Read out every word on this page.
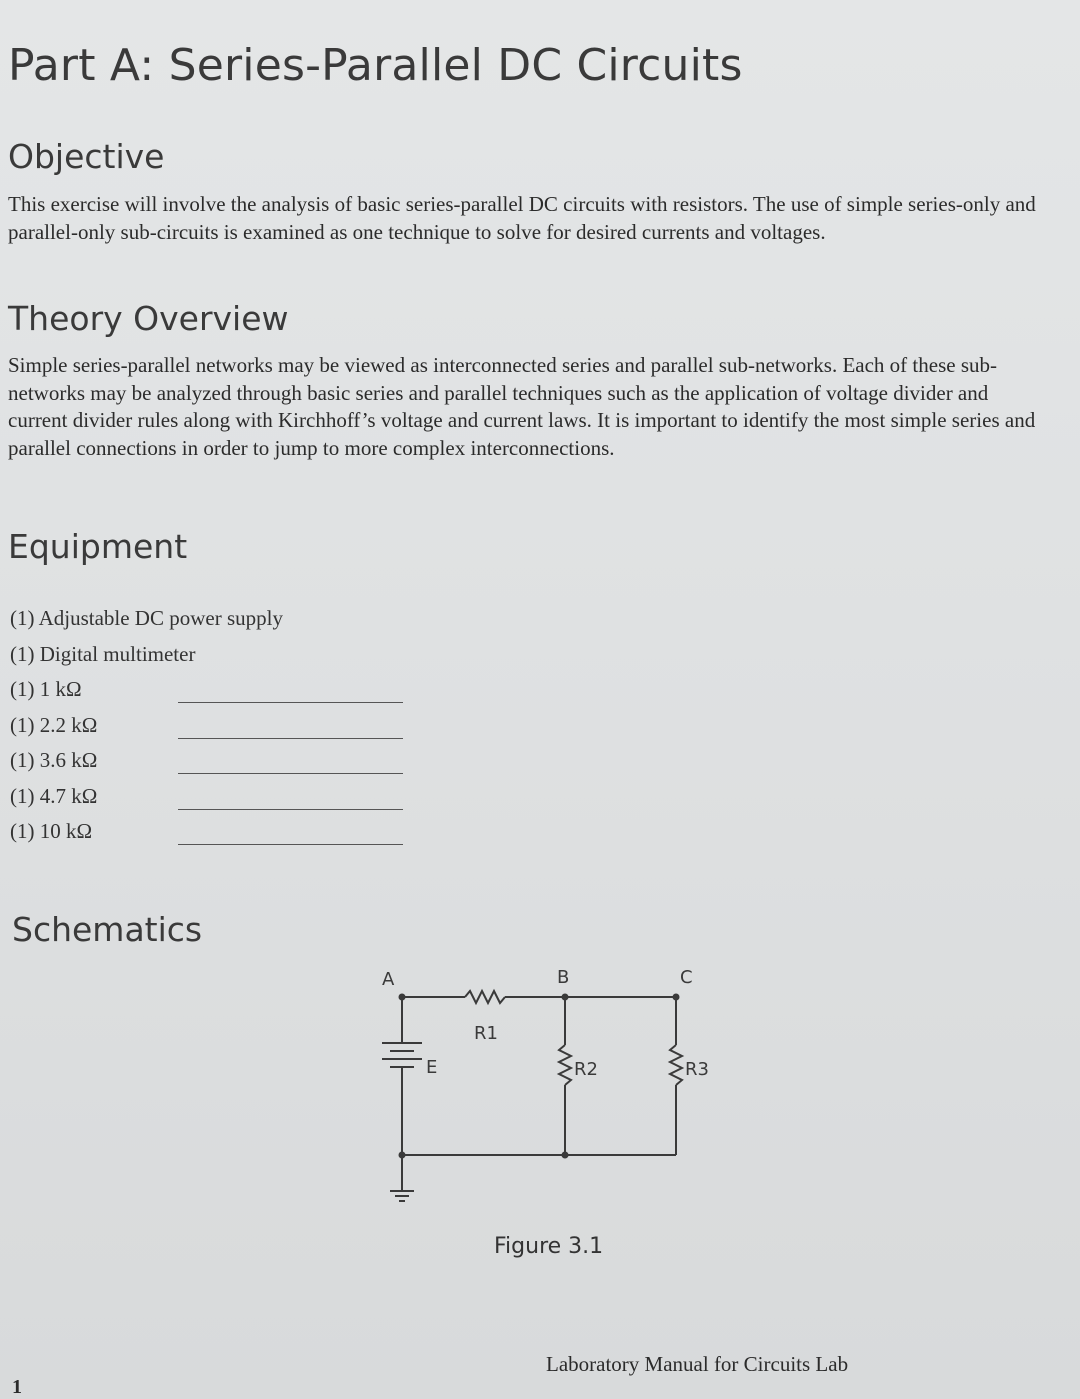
Part A: Series-Parallel DC Circuits
Objective

This exercise will involve the analysis of basic series-parallel DC circuits with resistors. The use of simple series-only and parallel-only sub-circuits is examined as one technique to solve for desired currents and voltages.

Theory Overview

Simple series-parallel networks may be viewed as interconnected series and parallel sub-networks. Each of these sub-networks may be analyzed through basic series and parallel techniques such as the application of voltage divider and current divider rules along with Kirchhoff’s voltage and current laws. It is important to identify the most simple series and parallel connections in order to jump to more complex interconnections.

Equipment
(1) Adjustable DC power supply
(1) Digital multimeter
(1) 1 kΩ
(1) 2.2 kΩ
(1) 3.6 kΩ
(1) 4.7 kΩ
(1) 10 kΩ
Schematics
A	B	C
R1
E	R2	R3
Figure 3.1
Laboratory Manual for Circuits Lab
1
